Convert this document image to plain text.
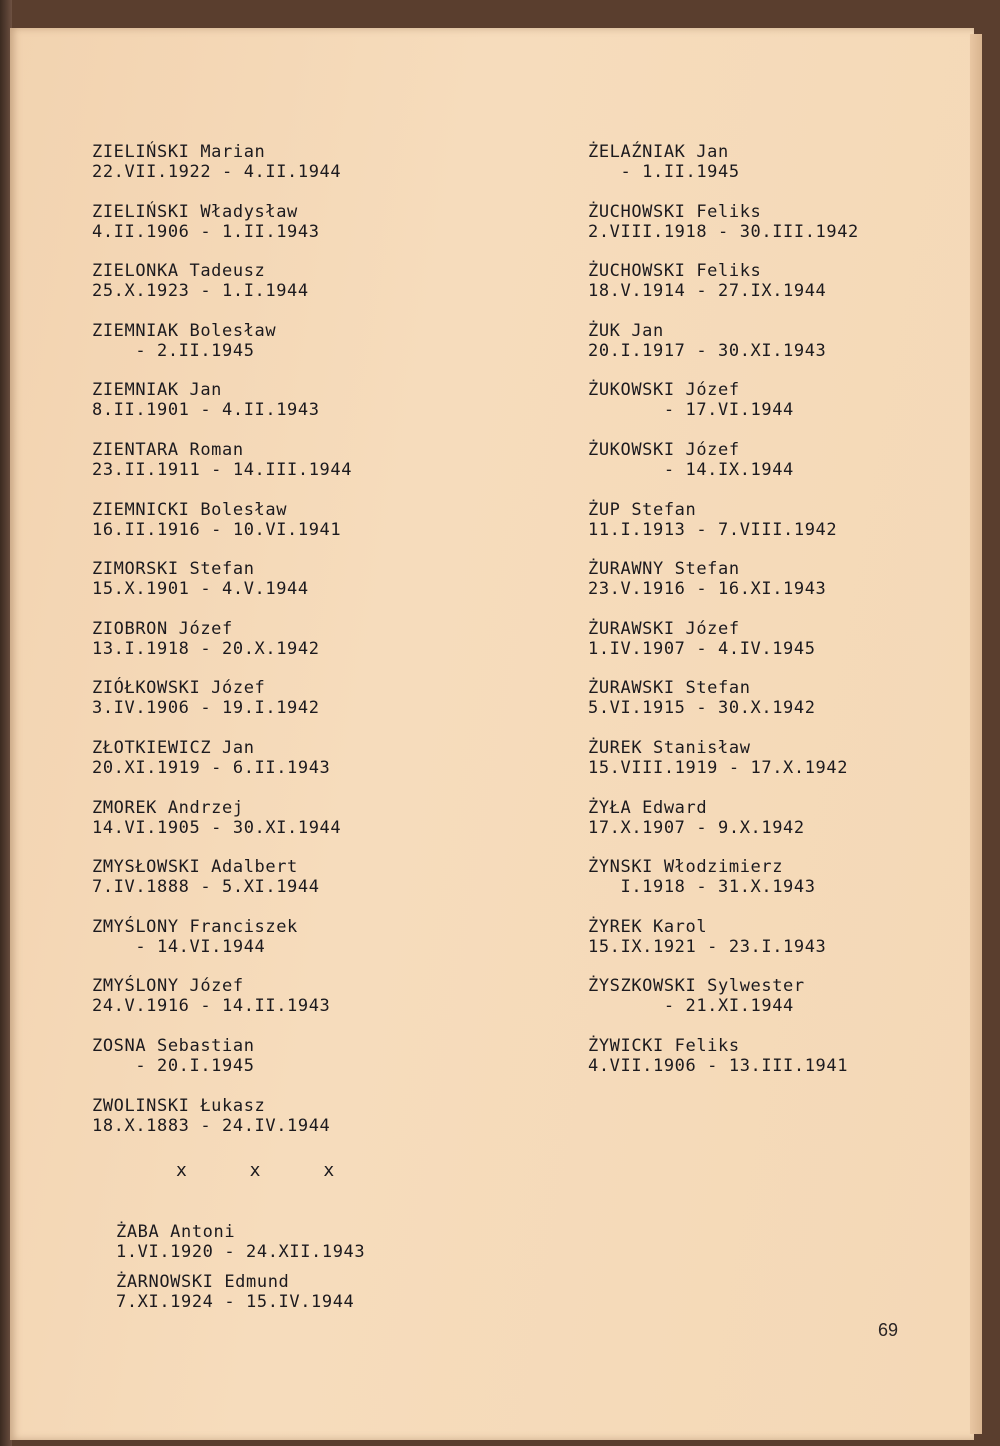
ZIELIŃSKI Marian
22.VII.1922 - 4.II.1944
ZIELIŃSKI Władysław
4.II.1906 - 1.II.1943
ZIELONKA Tadeusz
25.X.1923 - 1.I.1944
ZIEMNIAK Bolesław
- 2.II.1945
ZIEMNIAK Jan
8.II.1901 - 4.II.1943
ZIENTARA Roman
23.II.1911 - 14.III.1944
ZIEMNICKI Bolesław
16.II.1916 - 10.VI.1941
ZIMORSKI Stefan
15.X.1901 - 4.V.1944
ZIOBRON Józef
13.I.1918 - 20.X.1942
ZIÓŁKOWSKI Józef
3.IV.1906 - 19.I.1942
ZŁOTKIEWICZ Jan
20.XI.1919 - 6.II.1943
ZMOREK Andrzej
14.VI.1905 - 30.XI.1944
ZMYSŁOWSKI Adalbert
7.IV.1888 - 5.XI.1944
ZMYŚLONY Franciszek
- 14.VI.1944
ZMYŚLONY Józef
24.V.1916 - 14.II.1943
ZOSNA Sebastian
- 20.I.1945
ZWOLINSKI Łukasz
18.X.1883 - 24.IV.1944
x x x
ŻABA Antoni
1.VI.1920 - 24.XII.1943
ŻARNOWSKI Edmund
7.XI.1924 - 15.IV.1944
ŻELAŹNIAK Jan
- 1.II.1945
ŻUCHOWSKI Feliks
2.VIII.1918 - 30.III.1942
ŻUCHOWSKI Feliks
18.V.1914 - 27.IX.1944
ŻUK Jan
20.I.1917 - 30.XI.1943
ŻUKOWSKI Józef
- 17.VI.1944
ŻUKOWSKI Józef
- 14.IX.1944
ŻUP Stefan
11.I.1913 - 7.VIII.1942
ŻURAWNY Stefan
23.V.1916 - 16.XI.1943
ŻURAWSKI Józef
1.IV.1907 - 4.IV.1945
ŻURAWSKI Stefan
5.VI.1915 - 30.X.1942
ŻUREK Stanisław
15.VIII.1919 - 17.X.1942
ŻYŁA Edward
17.X.1907 - 9.X.1942
ŻYNSKI Włodzimierz
I.1918 - 31.X.1943
ŻYREK Karol
15.IX.1921 - 23.I.1943
ŻYSZKOWSKI Sylwester
- 21.XI.1944
ŻYWICKI Feliks
4.VII.1906 - 13.III.1941
69
